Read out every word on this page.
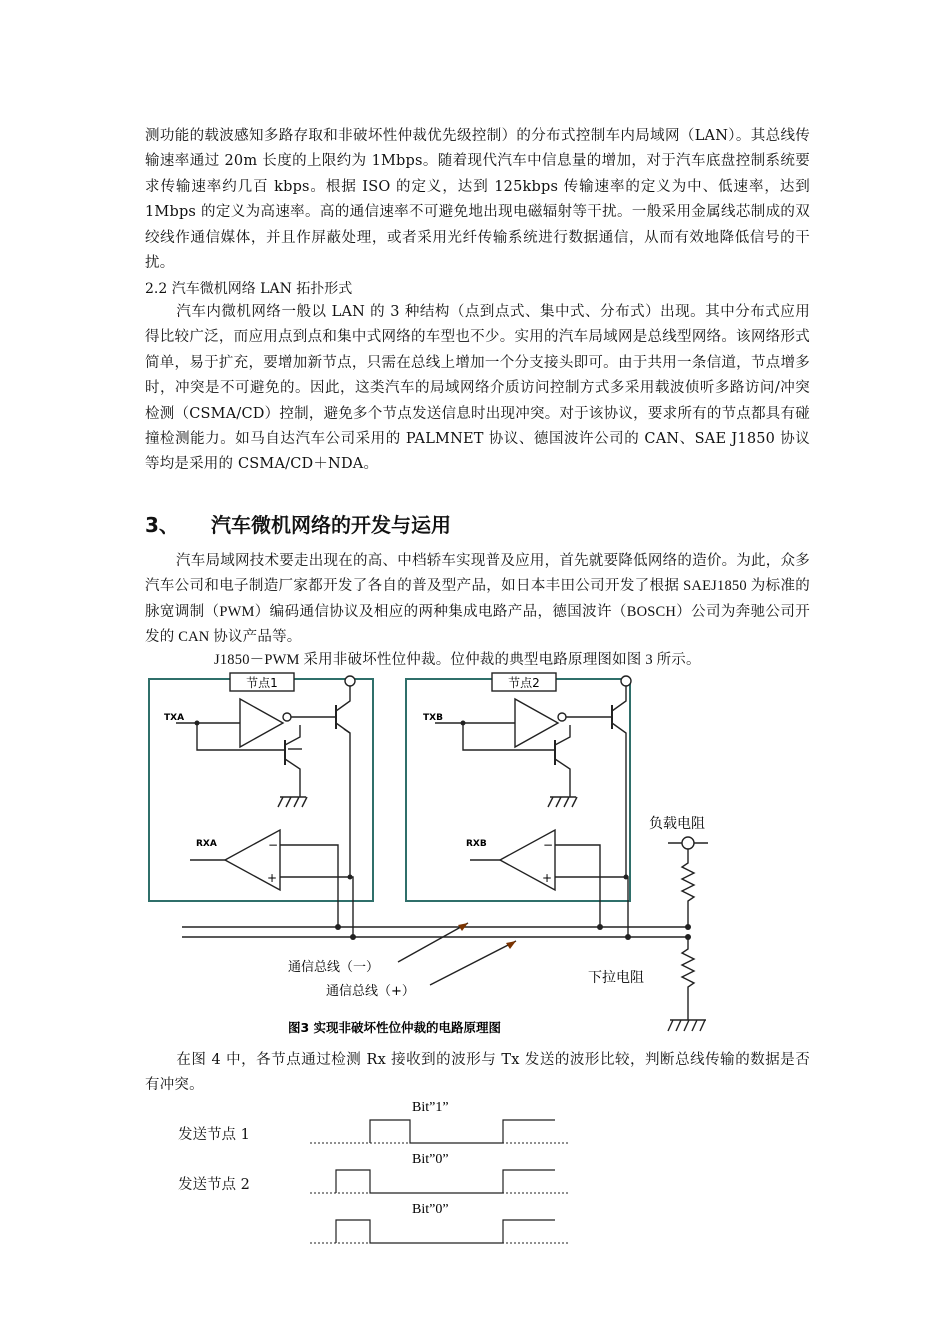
测功能的载波感知多路存取和非破坏性仲裁优先级控制）的分布式控制车内局域网（LAN）。其总线传输速率通过 20m 长度的上限约为 1Mbps。随着现代汽车中信息量的增加，对于汽车底盘控制系统要求传输速率约几百 kbps。根据 ISO 的定义，达到 125kbps 传输速率的定义为中、低速率，达到 1Mbps 的定义为高速率。高的通信速率不可避免地出现电磁辐射等干扰。一般采用金属线芯制成的双绞线作通信媒体，并且作屏蔽处理，或者采用光纤传输系统进行数据通信，从而有效地降低信号的干扰。
2.2 汽车微机网络 LAN 拓扑形式
汽车内微机网络一般以 LAN 的 3 种结构（点到点式、集中式、分布式）出现。其中分布式应用得比较广泛，而应用点到点和集中式网络的车型也不少。实用的汽车局域网是总线型网络。该网络形式简单，易于扩充，要增加新节点，只需在总线上增加一个分支接头即可。由于共用一条信道，节点增多时，冲突是不可避免的。因此，这类汽车的局域网络介质访问控制方式多采用载波侦听多路访问/冲突检测（CSMA/CD）控制，避免多个节点发送信息时出现冲突。对于该协议，要求所有的节点都具有碰撞检测能力。如马自达汽车公司采用的 PALMNET 协议、德国波许公司的 CAN、SAE J1850 协议等均是采用的 CSMA/CD＋NDA。
3、 汽车微机网络的开发与运用
汽车局域网技术要走出现在的高、中档轿车实现普及应用，首先就要降低网络的造价。为此，众多汽车公司和电子制造厂家都开发了各自的普及型产品，如日本丰田公司开发了根据 SAEJ1850 为标准的脉宽调制（PWM）编码通信协议及相应的两种集成电路产品，德国波许（BOSCH）公司为奔驰公司开发的 CAN 协议产品等。
J1850－PWM 采用非破坏性位仲裁。位仲裁的典型电路原理图如图 3 所示。
节点1	节点2
TXA
RXA
TXB
RXB
−
+
−
+
负载电阻
通信总线（一）
通信总线（+）
下拉电阻
图3 实现非破坏性位仲裁的电路原理图
在图 4 中，各节点通过检测 Rx 接收到的波形与 Tx 发送的波形比较，判断总线传输的数据是否有冲突。
发送节点 1
发送节点 2
Bit”1”
Bit”0”
Bit”0”
